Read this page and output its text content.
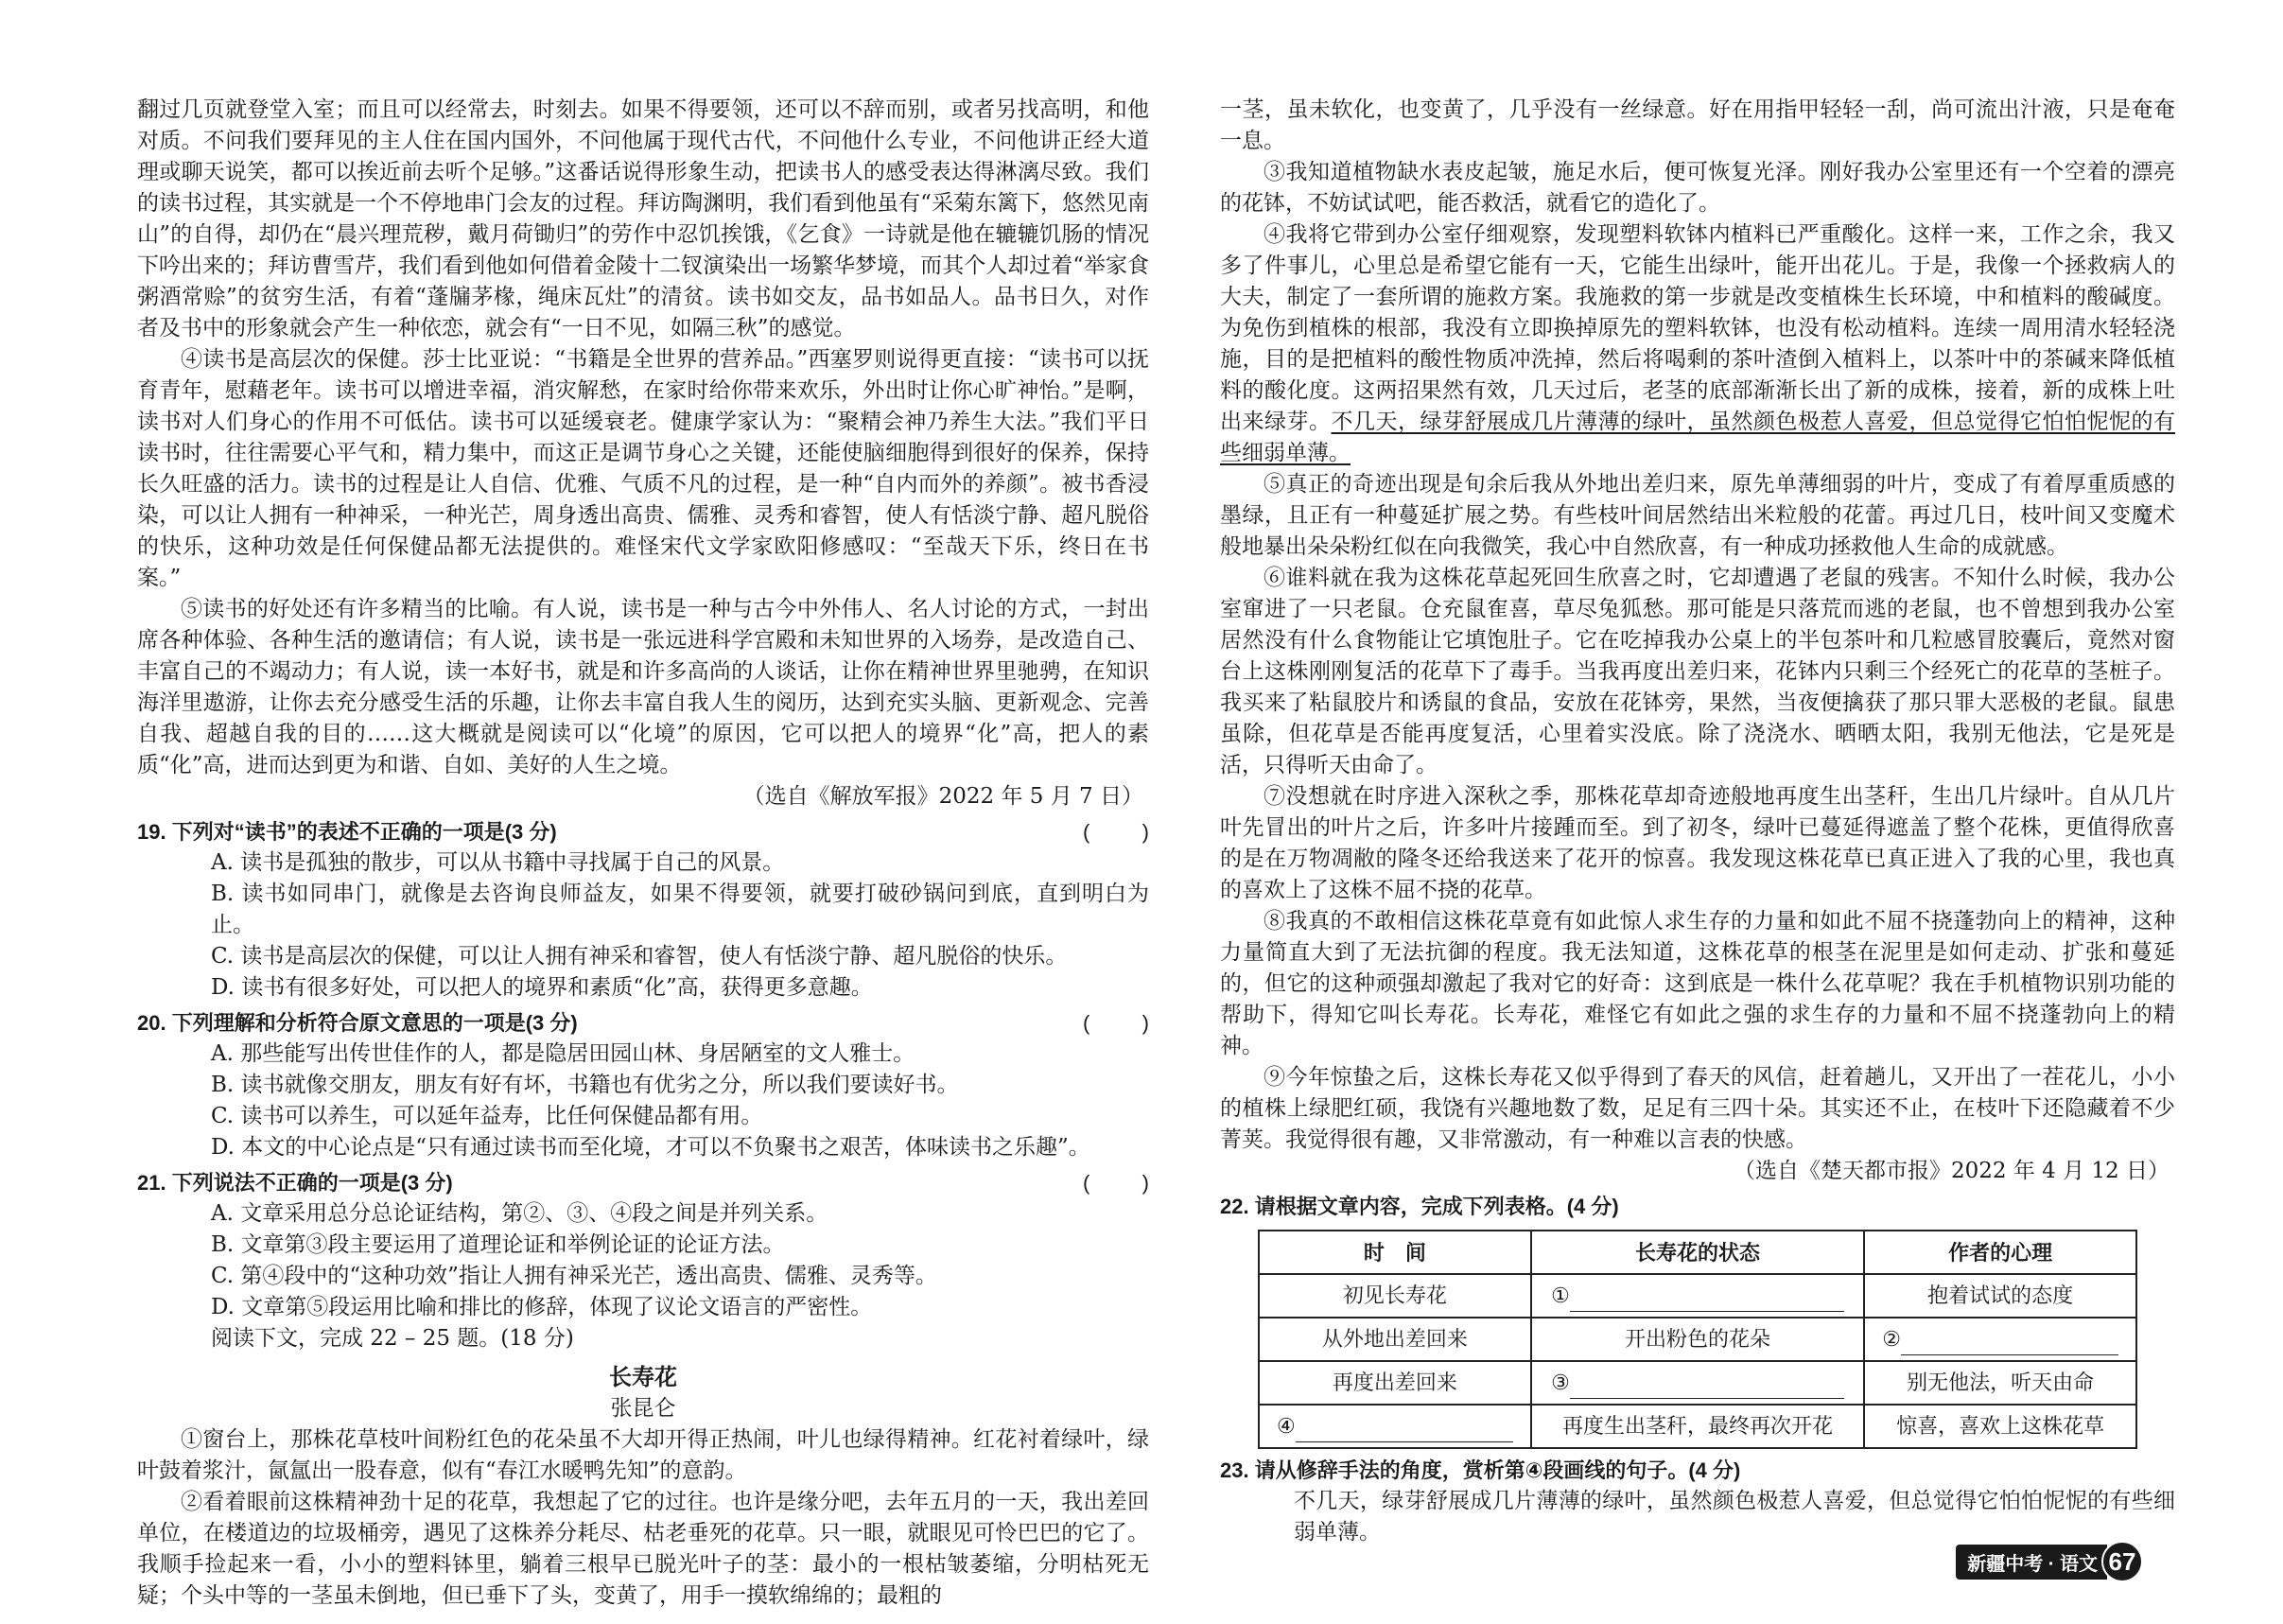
翻过几页就登堂入室；而且可以经常去，时刻去。如果不得要领，还可以不辞而别，或者另找高明，和他对质。不问我们要拜见的主人住在国内国外，不问他属于现代古代，不问他什么专业，不问他讲正经大道理或聊天说笑，都可以挨近前去听个足够。”这番话说得形象生动，把读书人的感受表达得淋漓尽致。我们的读书过程，其实就是一个不停地串门会友的过程。拜访陶渊明，我们看到他虽有“采菊东篱下，悠然见南山”的自得，却仍在“晨兴理荒秽，戴月荷锄归”的劳作中忍饥挨饿，《乞食》一诗就是他在辘辘饥肠的情况下吟出来的；拜访曹雪芹，我们看到他如何借着金陵十二钗演染出一场繁华梦境，而其个人却过着“举家食粥酒常赊”的贫穷生活，有着“蓬牖茅椽，绳床瓦灶”的清贫。读书如交友，品书如品人。品书日久，对作者及书中的形象就会产生一种依恋，就会有“一日不见，如隔三秋”的感觉。

④读书是高层次的保健。莎士比亚说：“书籍是全世界的营养品。”西塞罗则说得更直接：“读书可以抚育青年，慰藉老年。读书可以增进幸福，消灾解愁，在家时给你带来欢乐，外出时让你心旷神怡。”是啊，读书对人们身心的作用不可低估。读书可以延缓衰老。健康学家认为：“聚精会神乃养生大法。”我们平日读书时，往往需要心平气和，精力集中，而这正是调节身心之关键，还能使脑细胞得到很好的保养，保持长久旺盛的活力。读书的过程是让人自信、优雅、气质不凡的过程，是一种“自内而外的养颜”。被书香浸染，可以让人拥有一种神采，一种光芒，周身透出高贵、儒雅、灵秀和睿智，使人有恬淡宁静、超凡脱俗的快乐，这种功效是任何保健品都无法提供的。难怪宋代文学家欧阳修感叹：“至哉天下乐，终日在书案。”

⑤读书的好处还有许多精当的比喻。有人说，读书是一种与古今中外伟人、名人讨论的方式，一封出席各种体验、各种生活的邀请信；有人说，读书是一张远进科学宫殿和未知世界的入场券，是改造自己、丰富自己的不竭动力；有人说，读一本好书，就是和许多高尚的人谈话，让你在精神世界里驰骋，在知识海洋里遨游，让你去充分感受生活的乐趣，让你去丰富自我人生的阅历，达到充实头脑、更新观念、完善自我、超越自我的目的……这大概就是阅读可以“化境”的原因，它可以把人的境界“化”高，把人的素质“化”高，进而达到更为和谐、自如、美好的人生之境。

（选自《解放军报》2022 年 5 月 7 日）

19. 下列对“读书”的表述不正确的一项是(3 分)	(	)

A. 读书是孤独的散步，可以从书籍中寻找属于自己的风景。

B. 读书如同串门，就像是去咨询良师益友，如果不得要领，就要打破砂锅问到底，直到明白为止。

C. 读书是高层次的保健，可以让人拥有神采和睿智，使人有恬淡宁静、超凡脱俗的快乐。

D. 读书有很多好处，可以把人的境界和素质“化”高，获得更多意趣。

20. 下列理解和分析符合原文意思的一项是(3 分)	(	)

A. 那些能写出传世佳作的人，都是隐居田园山林、身居陋室的文人雅士。

B. 读书就像交朋友，朋友有好有坏，书籍也有优劣之分，所以我们要读好书。

C. 读书可以养生，可以延年益寿，比任何保健品都有用。

D. 本文的中心论点是“只有通过读书而至化境，才可以不负聚书之艰苦，体味读书之乐趣”。

21. 下列说法不正确的一项是(3 分)	(	)

A. 文章采用总分总论证结构，第②、③、④段之间是并列关系。

B. 文章第③段主要运用了道理论证和举例论证的论证方法。

C. 第④段中的“这种功效”指让人拥有神采光芒，透出高贵、儒雅、灵秀等。

D. 文章第⑤段运用比喻和排比的修辞，体现了议论文语言的严密性。

阅读下文，完成 22 – 25 题。(18 分)

长寿花
张昆仑

①窗台上，那株花草枝叶间粉红色的花朵虽不大却开得正热闹，叶儿也绿得精神。红花衬着绿叶，绿叶鼓着浆汁，氤氲出一股春意，似有“春江水暖鸭先知”的意韵。

②看着眼前这株精神劲十足的花草，我想起了它的过往。也许是缘分吧，去年五月的一天，我出差回单位，在楼道边的垃圾桶旁，遇见了这株养分耗尽、枯老垂死的花草。只一眼，就眼见可怜巴巴的它了。我顺手捡起来一看，小小的塑料钵里，躺着三根早已脱光叶子的茎：最小的一根枯皱萎缩，分明枯死无疑；个头中等的一茎虽未倒地，但已垂下了头，变黄了，用手一摸软绵绵的；最粗的

一茎，虽未软化，也变黄了，几乎没有一丝绿意。好在用指甲轻轻一刮，尚可流出汁液，只是奄奄一息。

③我知道植物缺水表皮起皱，施足水后，便可恢复光泽。刚好我办公室里还有一个空着的漂亮的花钵，不妨试试吧，能否救活，就看它的造化了。

④我将它带到办公室仔细观察，发现塑料软钵内植料已严重酸化。这样一来，工作之余，我又多了件事儿，心里总是希望它能有一天，它能生出绿叶，能开出花儿。于是，我像一个拯救病人的大夫，制定了一套所谓的施救方案。我施救的第一步就是改变植株生长环境，中和植料的酸碱度。为免伤到植株的根部，我没有立即换掉原先的塑料软钵，也没有松动植料。连续一周用清水轻轻浇施，目的是把植料的酸性物质冲洗掉，然后将喝剩的茶叶渣倒入植料上，以茶叶中的茶碱来降低植料的酸化度。这两招果然有效，几天过后，老茎的底部渐渐长出了新的成株，接着，新的成株上吐出来绿芽。不几天，绿芽舒展成几片薄薄的绿叶，虽然颜色极惹人喜爱，但总觉得它怕怕怩怩的有些细弱单薄。

⑤真正的奇迹出现是旬余后我从外地出差归来，原先单薄细弱的叶片，变成了有着厚重质感的墨绿，且正有一种蔓延扩展之势。有些枝叶间居然结出米粒般的花蕾。再过几日，枝叶间又变魔术般地暴出朵朵粉红似在向我微笑，我心中自然欣喜，有一种成功拯救他人生命的成就感。

⑥谁料就在我为这株花草起死回生欣喜之时，它却遭遇了老鼠的残害。不知什么时候，我办公室窜进了一只老鼠。仓充鼠隺喜，草尽兔狐愁。那可能是只落荒而逃的老鼠，也不曾想到我办公室居然没有什么食物能让它填饱肚子。它在吃掉我办公桌上的半包茶叶和几粒感冒胶囊后，竟然对窗台上这株刚刚复活的花草下了毒手。当我再度出差归来，花钵内只剩三个经死亡的花草的茎桩子。我买来了粘鼠胶片和诱鼠的食品，安放在花钵旁，果然，当夜便擒获了那只罪大恶极的老鼠。鼠患虽除，但花草是否能再度复活，心里着实没底。除了浇浇水、晒晒太阳，我别无他法，它是死是活，只得听天由命了。

⑦没想就在时序进入深秋之季，那株花草却奇迹般地再度生出茎秆，生出几片绿叶。自从几片叶先冒出的叶片之后，许多叶片接踵而至。到了初冬，绿叶已蔓延得遮盖了整个花株，更值得欣喜的是在万物凋敝的隆冬还给我送来了花开的惊喜。我发现这株花草已真正进入了我的心里，我也真的喜欢上了这株不屈不挠的花草。

⑧我真的不敢相信这株花草竟有如此惊人求生存的力量和如此不屈不挠蓬勃向上的精神，这种力量简直大到了无法抗御的程度。我无法知道，这株花草的根茎在泥里是如何走动、扩张和蔓延的，但它的这种顽强却激起了我对它的好奇：这到底是一株什么花草呢？我在手机植物识别功能的帮助下，得知它叫长寿花。长寿花，难怪它有如此之强的求生存的力量和不屈不挠蓬勃向上的精神。

⑨今年惊蛰之后，这株长寿花又似乎得到了春天的风信，赶着趟儿，又开出了一茬花儿，小小的植株上绿肥红硕，我饶有兴趣地数了数，足足有三四十朵。其实还不止，在枝叶下还隐藏着不少菁荚。我觉得很有趣，又非常激动，有一种难以言表的快感。

（选自《楚天都市报》2022 年 4 月 12 日）

22. 请根据文章内容，完成下列表格。(4 分)
时　间	长寿花的状态	作者的心理
初见长寿花	①	抱着试试的态度
从外地出差回来	开出粉色的花朵	②
再度出差回来	③	别无他法，听天由命
④	再度生出茎秆，最终再次开花	惊喜，喜欢上这株花草
23. 请从修辞手法的角度，赏析第④段画线的句子。(4 分)

不几天，绿芽舒展成几片薄薄的绿叶，虽然颜色极惹人喜爱，但总觉得它怕怕怩怩的有些细弱单薄。

新疆中考 · 语文 67
